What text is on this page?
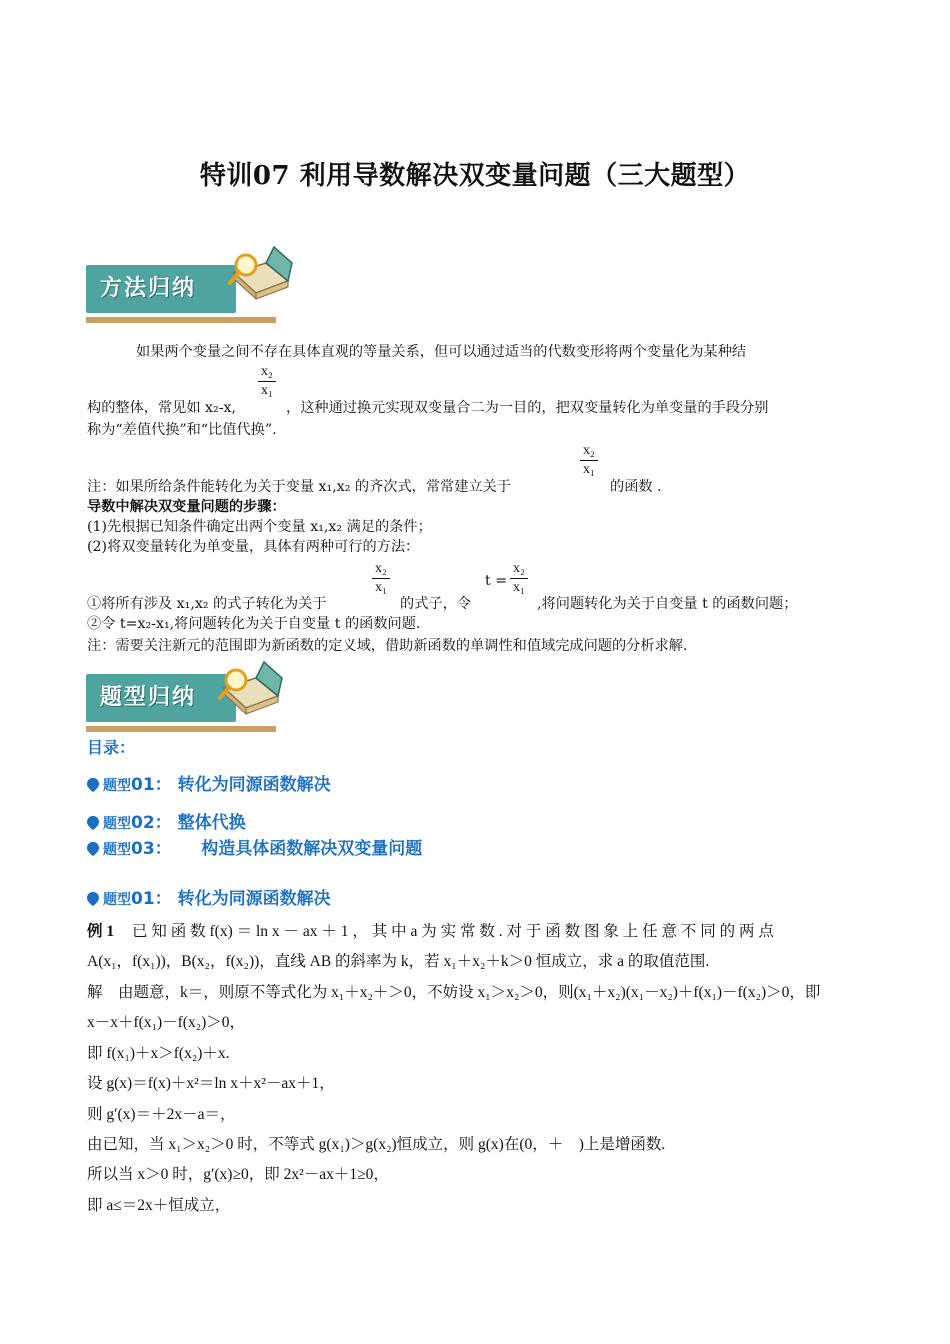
特训07 利用导数解决双变量问题（三大题型）
方法归纳
如果两个变量之间不存在具体直观的等量关系，但可以通过适当的代数变形将两个变量化为某种结
$\frac{\text{x₂}}{\text{x₁}}$
构的整体，常见如 x₂-x,	，这种通过换元实现双变量合二为一目的，把双变量转化为单变量的手段分别
称为“差值代换”和“比值代换”.
$\frac{\text{x₂}}{\text{x₁}}$
注：如果所给条件能转化为关于变量 x₁,x₂ 的齐次式，常常建立关于	的函数 .
导数中解决双变量问题的步骤：
(1)先根据已知条件确定出两个变量 x₁,x₂ 满足的条件；
(2)将双变量转化为单变量，具体有两种可行的方法：
$\frac{\text{x₂}}{\text{x₁}}$	$t = \frac{\text{x₂}}{\text{x₁}}$
①将所有涉及 x₁,x₂ 的式子转化为关于	的式子，令	,将问题转化为关于自变量 t 的函数问题；
②令 t=x₂-x₁,将问题转化为关于自变量 t 的函数问题.
注：需要关注新元的范围即为新函数的定义域，借助新函数的单调性和值域完成问题的分析求解.
题型归纳
目录：
题型01： 转化为同源函数解决
题型02： 整体代换
题型03： 构造具体函数解决双变量问题
题型01： 转化为同源函数解决
例 1 已 知 函 数 f(x) ＝ ln x － ax ＋ 1 ， 其 中 a 为 实 常 数 . 对 于 函 数 图 象 上 任 意 不 同 的 两 点
A(x₁，f(x₁))，B(x₂，f(x₂))，直线 AB 的斜率为 k，若 x₁＋x₂＋k＞0 恒成立，求 a 的取值范围.
解　由题意，k＝，则原不等式化为 x₁＋x₂＋＞0，不妨设 x₁＞x₂＞0，则(x₁＋x₂)(x₁－x₂)＋f(x₁)－f(x₂)＞0，即
x－x＋f(x₁)－f(x₂)＞0，
即 f(x₁)＋x＞f(x₂)＋x.
设 g(x)＝f(x)＋x²＝ln x＋x²－ax＋1，
则 g′(x)＝＋2x－a＝，
由已知，当 x₁＞x₂＞0 时，不等式 g(x₁)＞g(x₂)恒成立，则 g(x)在(0，＋　)上是增函数.
所以当 x＞0 时，g′(x)≥0，即 2x²－ax＋1≥0，
即 a≤＝2x＋恒成立，
